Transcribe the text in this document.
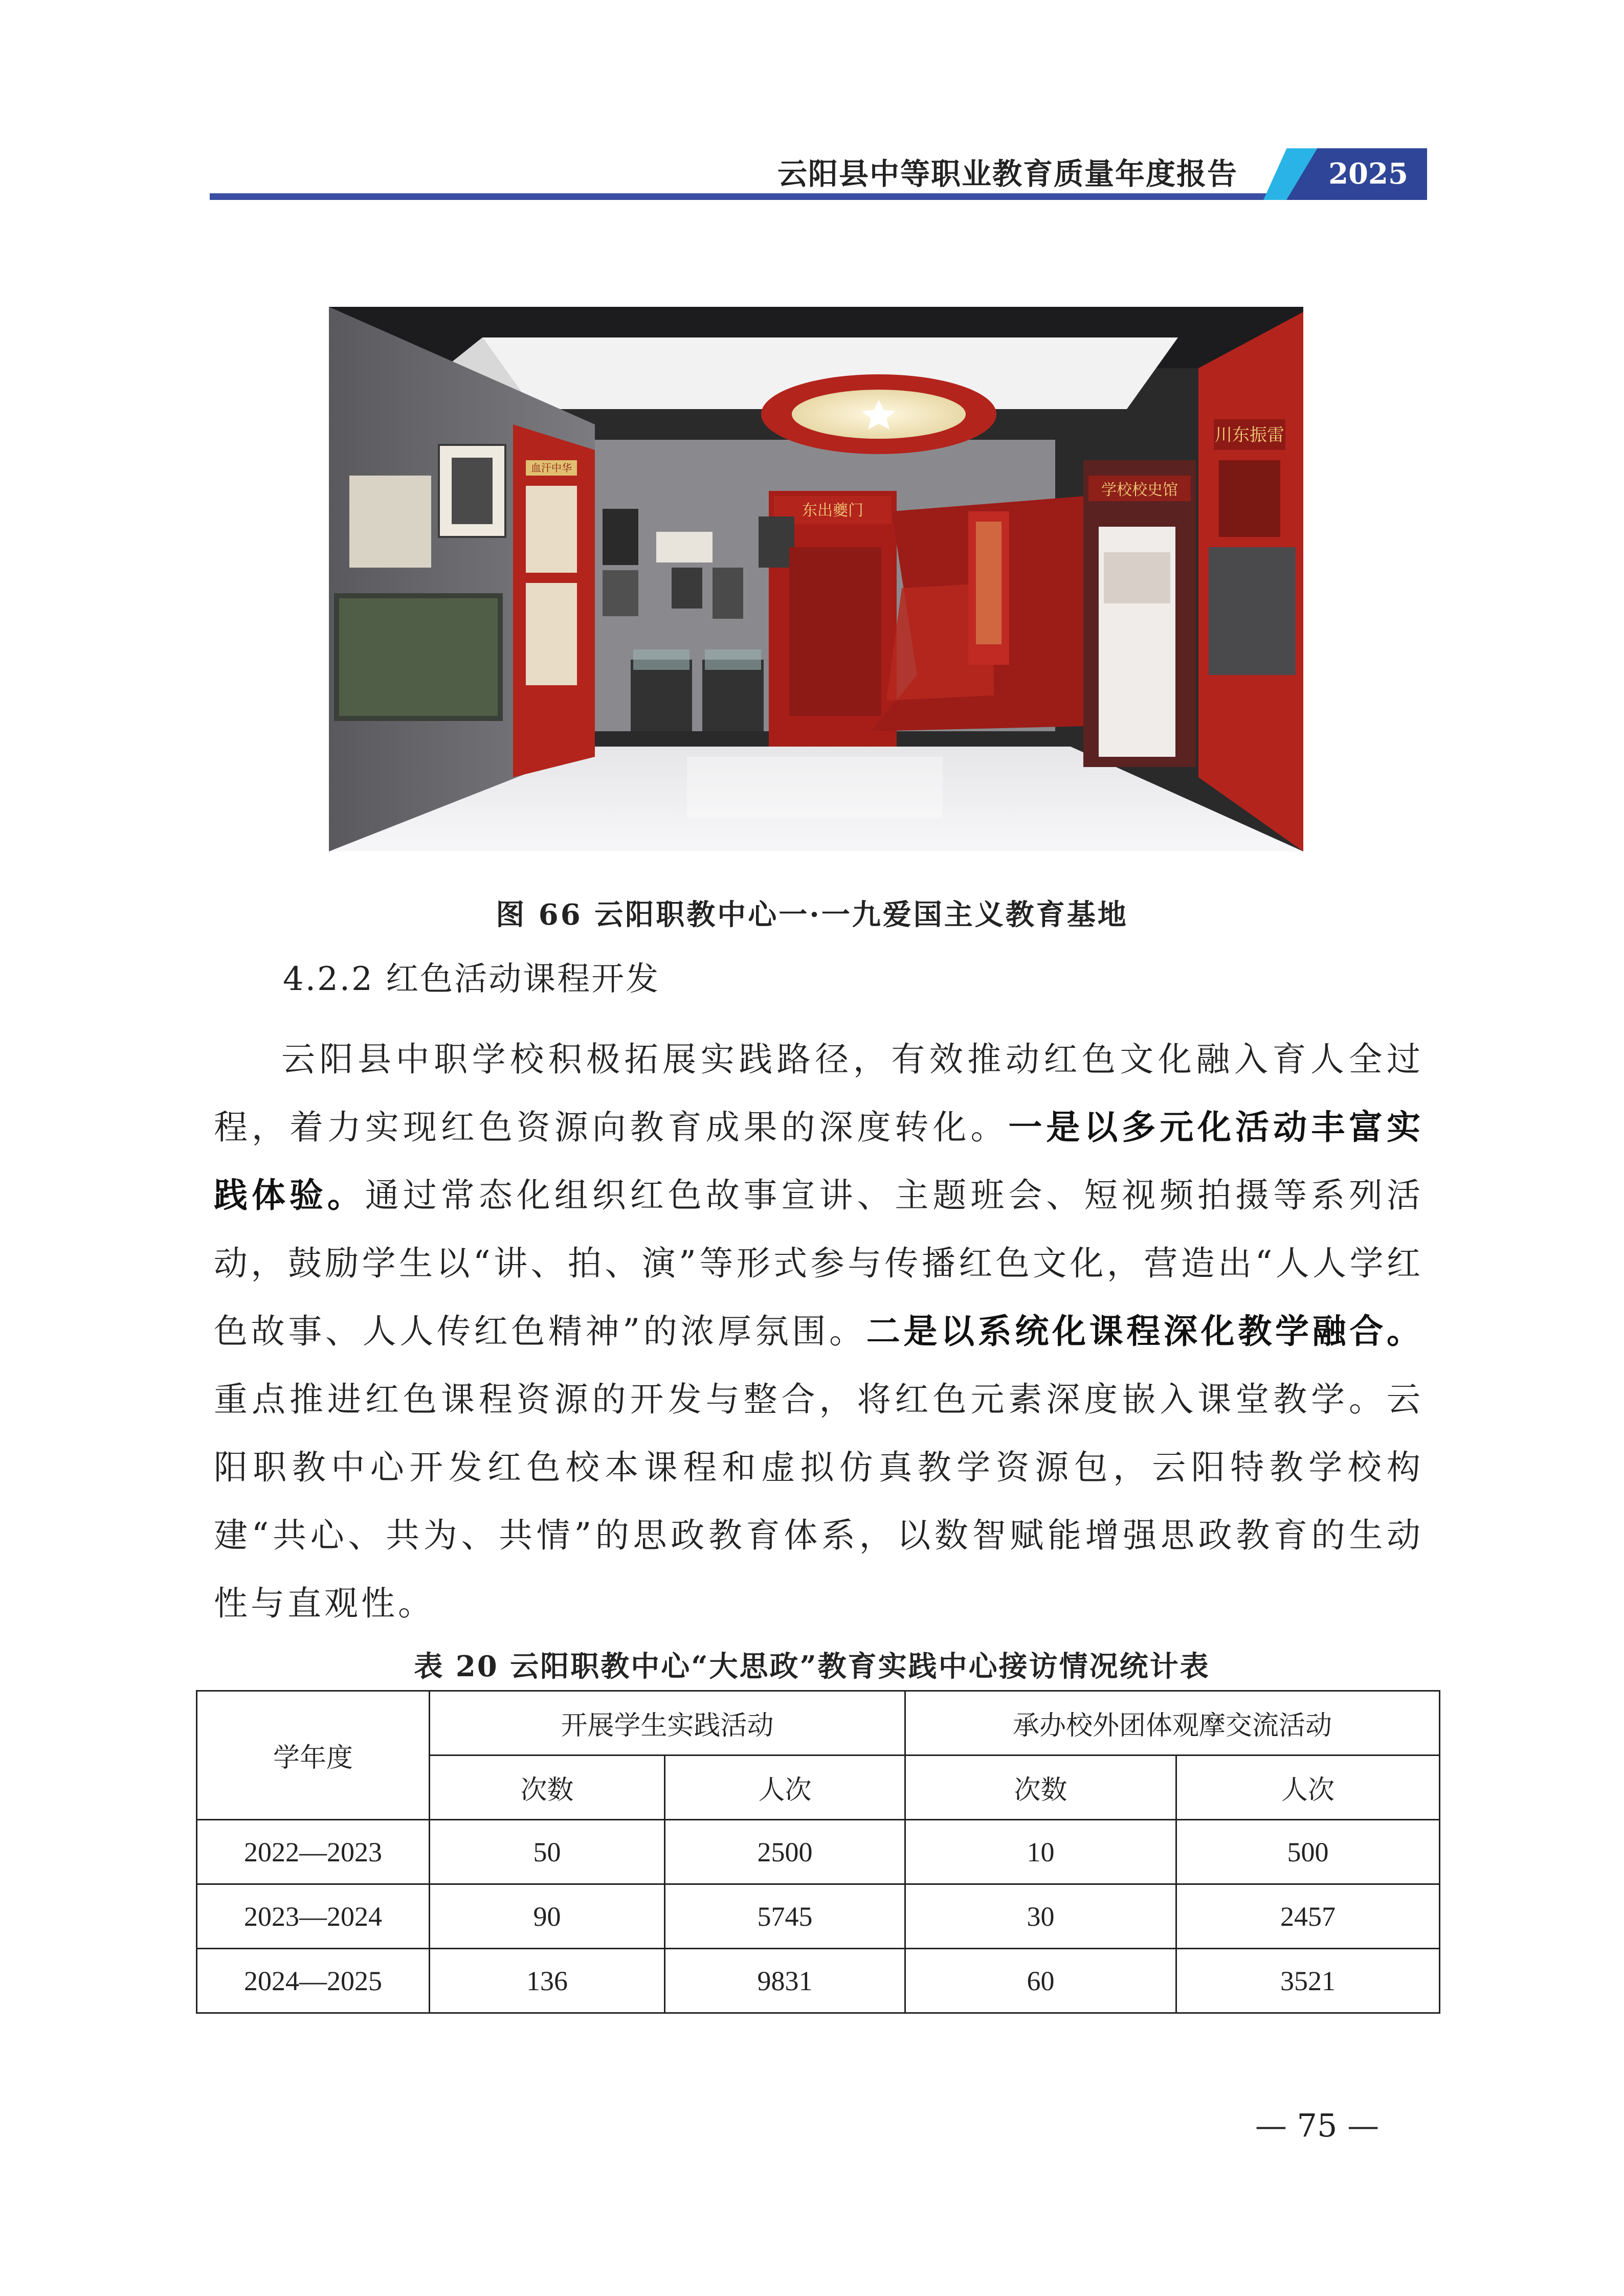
云阳县中等职业教育质量年度报告	2025
东出夔门
学校校史馆
川东振雷
血汗中华
图 66 云阳职教中心一·一九爱国主义教育基地
4.2.2 红色活动课程开发

云阳县中职学校积极拓展实践路径，有效推动红色文化融入育人全过程，着力实现红色资源向教育成果的深度转化。一是以多元化活动丰富实践体验。通过常态化组织红色故事宣讲、主题班会、短视频拍摄等系列活动，鼓励学生以“讲、拍、演”等形式参与传播红色文化，营造出“人人学红色故事、人人传红色精神”的浓厚氛围。二是以系统化课程深化教学融合。重点推进红色课程资源的开发与整合，将红色元素深度嵌入课堂教学。云阳职教中心开发红色校本课程和虚拟仿真教学资源包，云阳特教学校构建“共心、共为、共情”的思政教育体系，以数智赋能增强思政教育的生动性与直观性。

表 20 云阳职教中心“大思政”教育实践中心接访情况统计表
学年度	开展学生实践活动		承办校外团体观摩交流活动	
	次数	人次	次数	人次
2022—2023	50	2500	10	500
2023—2024	90	5745	30	2457
2024—2025	136	9831	60	3521
— 75 —
